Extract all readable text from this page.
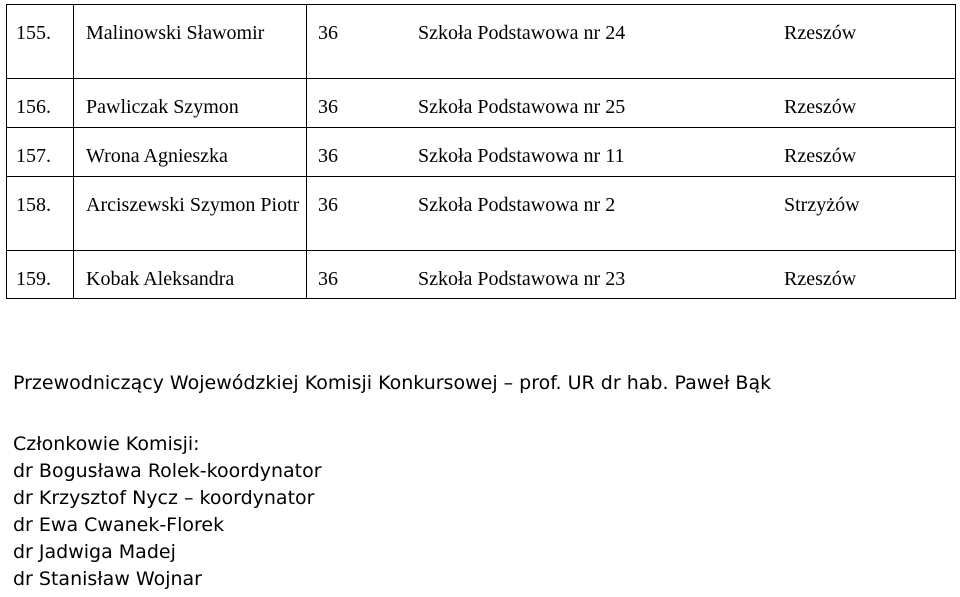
155.	Malinowski Sławomir	36	Szkoła Podstawowa nr 24	Rzeszów
156.	Pawliczak Szymon	36	Szkoła Podstawowa nr 25	Rzeszów
157.	Wrona Agnieszka	36	Szkoła Podstawowa nr 11	Rzeszów
158.	Arciszewski Szymon Piotr	36	Szkoła Podstawowa nr 2	Strzyżów
159.	Kobak Aleksandra	36	Szkoła Podstawowa nr 23	Rzeszów
Przewodniczący Wojewódzkiej Komisji Konkursowej – prof. UR dr hab. Paweł Bąk
Członkowie Komisji:
dr Bogusława Rolek-koordynator
dr Krzysztof Nycz – koordynator
dr Ewa Cwanek-Florek
dr Jadwiga Madej
dr Stanisław Wojnar
